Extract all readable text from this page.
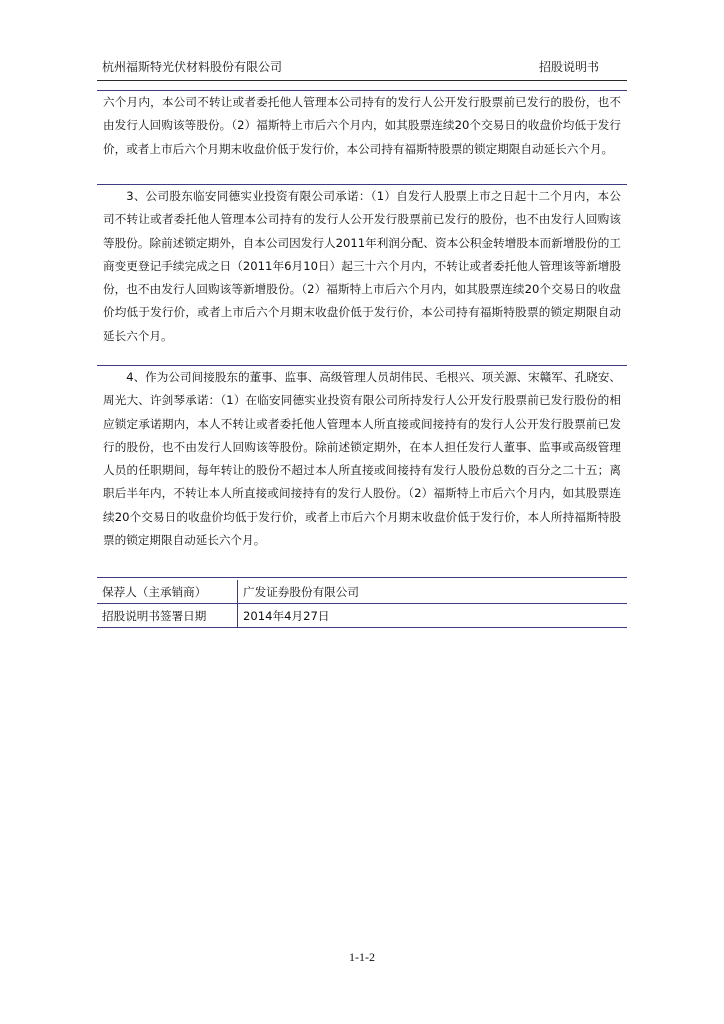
杭州福斯特光伏材料股份有限公司	招股说明书

六个月内，本公司不转让或者委托他人管理本公司持有的发行人公开发行股票前已发行的股份，也不由发行人回购该等股份。（2）福斯特上市后六个月内，如其股票连续20个交易日的收盘价均低于发行价，或者上市后六个月期末收盘价低于发行价，本公司持有福斯特股票的锁定期限自动延长六个月。

3、公司股东临安同德实业投资有限公司承诺：（1）自发行人股票上市之日起十二个月内，本公司不转让或者委托他人管理本公司持有的发行人公开发行股票前已发行的股份，也不由发行人回购该等股份。除前述锁定期外，自本公司因发行人2011年利润分配、资本公积金转增股本而新增股份的工商变更登记手续完成之日（2011年6月10日）起三十六个月内，不转让或者委托他人管理该等新增股份，也不由发行人回购该等新增股份。（2）福斯特上市后六个月内，如其股票连续20个交易日的收盘价均低于发行价，或者上市后六个月期末收盘价低于发行价，本公司持有福斯特股票的锁定期限自动延长六个月。

4、作为公司间接股东的董事、监事、高级管理人员胡伟民、毛根兴、项关源、宋赣军、孔晓安、周光大、许剑琴承诺：（1）在临安同德实业投资有限公司所持发行人公开发行股票前已发行股份的相应锁定承诺期内，本人不转让或者委托他人管理本人所直接或间接持有的发行人公开发行股票前已发行的股份，也不由发行人回购该等股份。除前述锁定期外，在本人担任发行人董事、监事或高级管理人员的任职期间，每年转让的股份不超过本人所直接或间接持有发行人股份总数的百分之二十五；离职后半年内，不转让本人所直接或间接持有的发行人股份。（2）福斯特上市后六个月内，如其股票连续20个交易日的收盘价均低于发行价，或者上市后六个月期末收盘价低于发行价，本人所持福斯特股票的锁定期限自动延长六个月。

保荐人（主承销商）	广发证券股份有限公司
招股说明书签署日期	2014年4月27日
1-1-2
